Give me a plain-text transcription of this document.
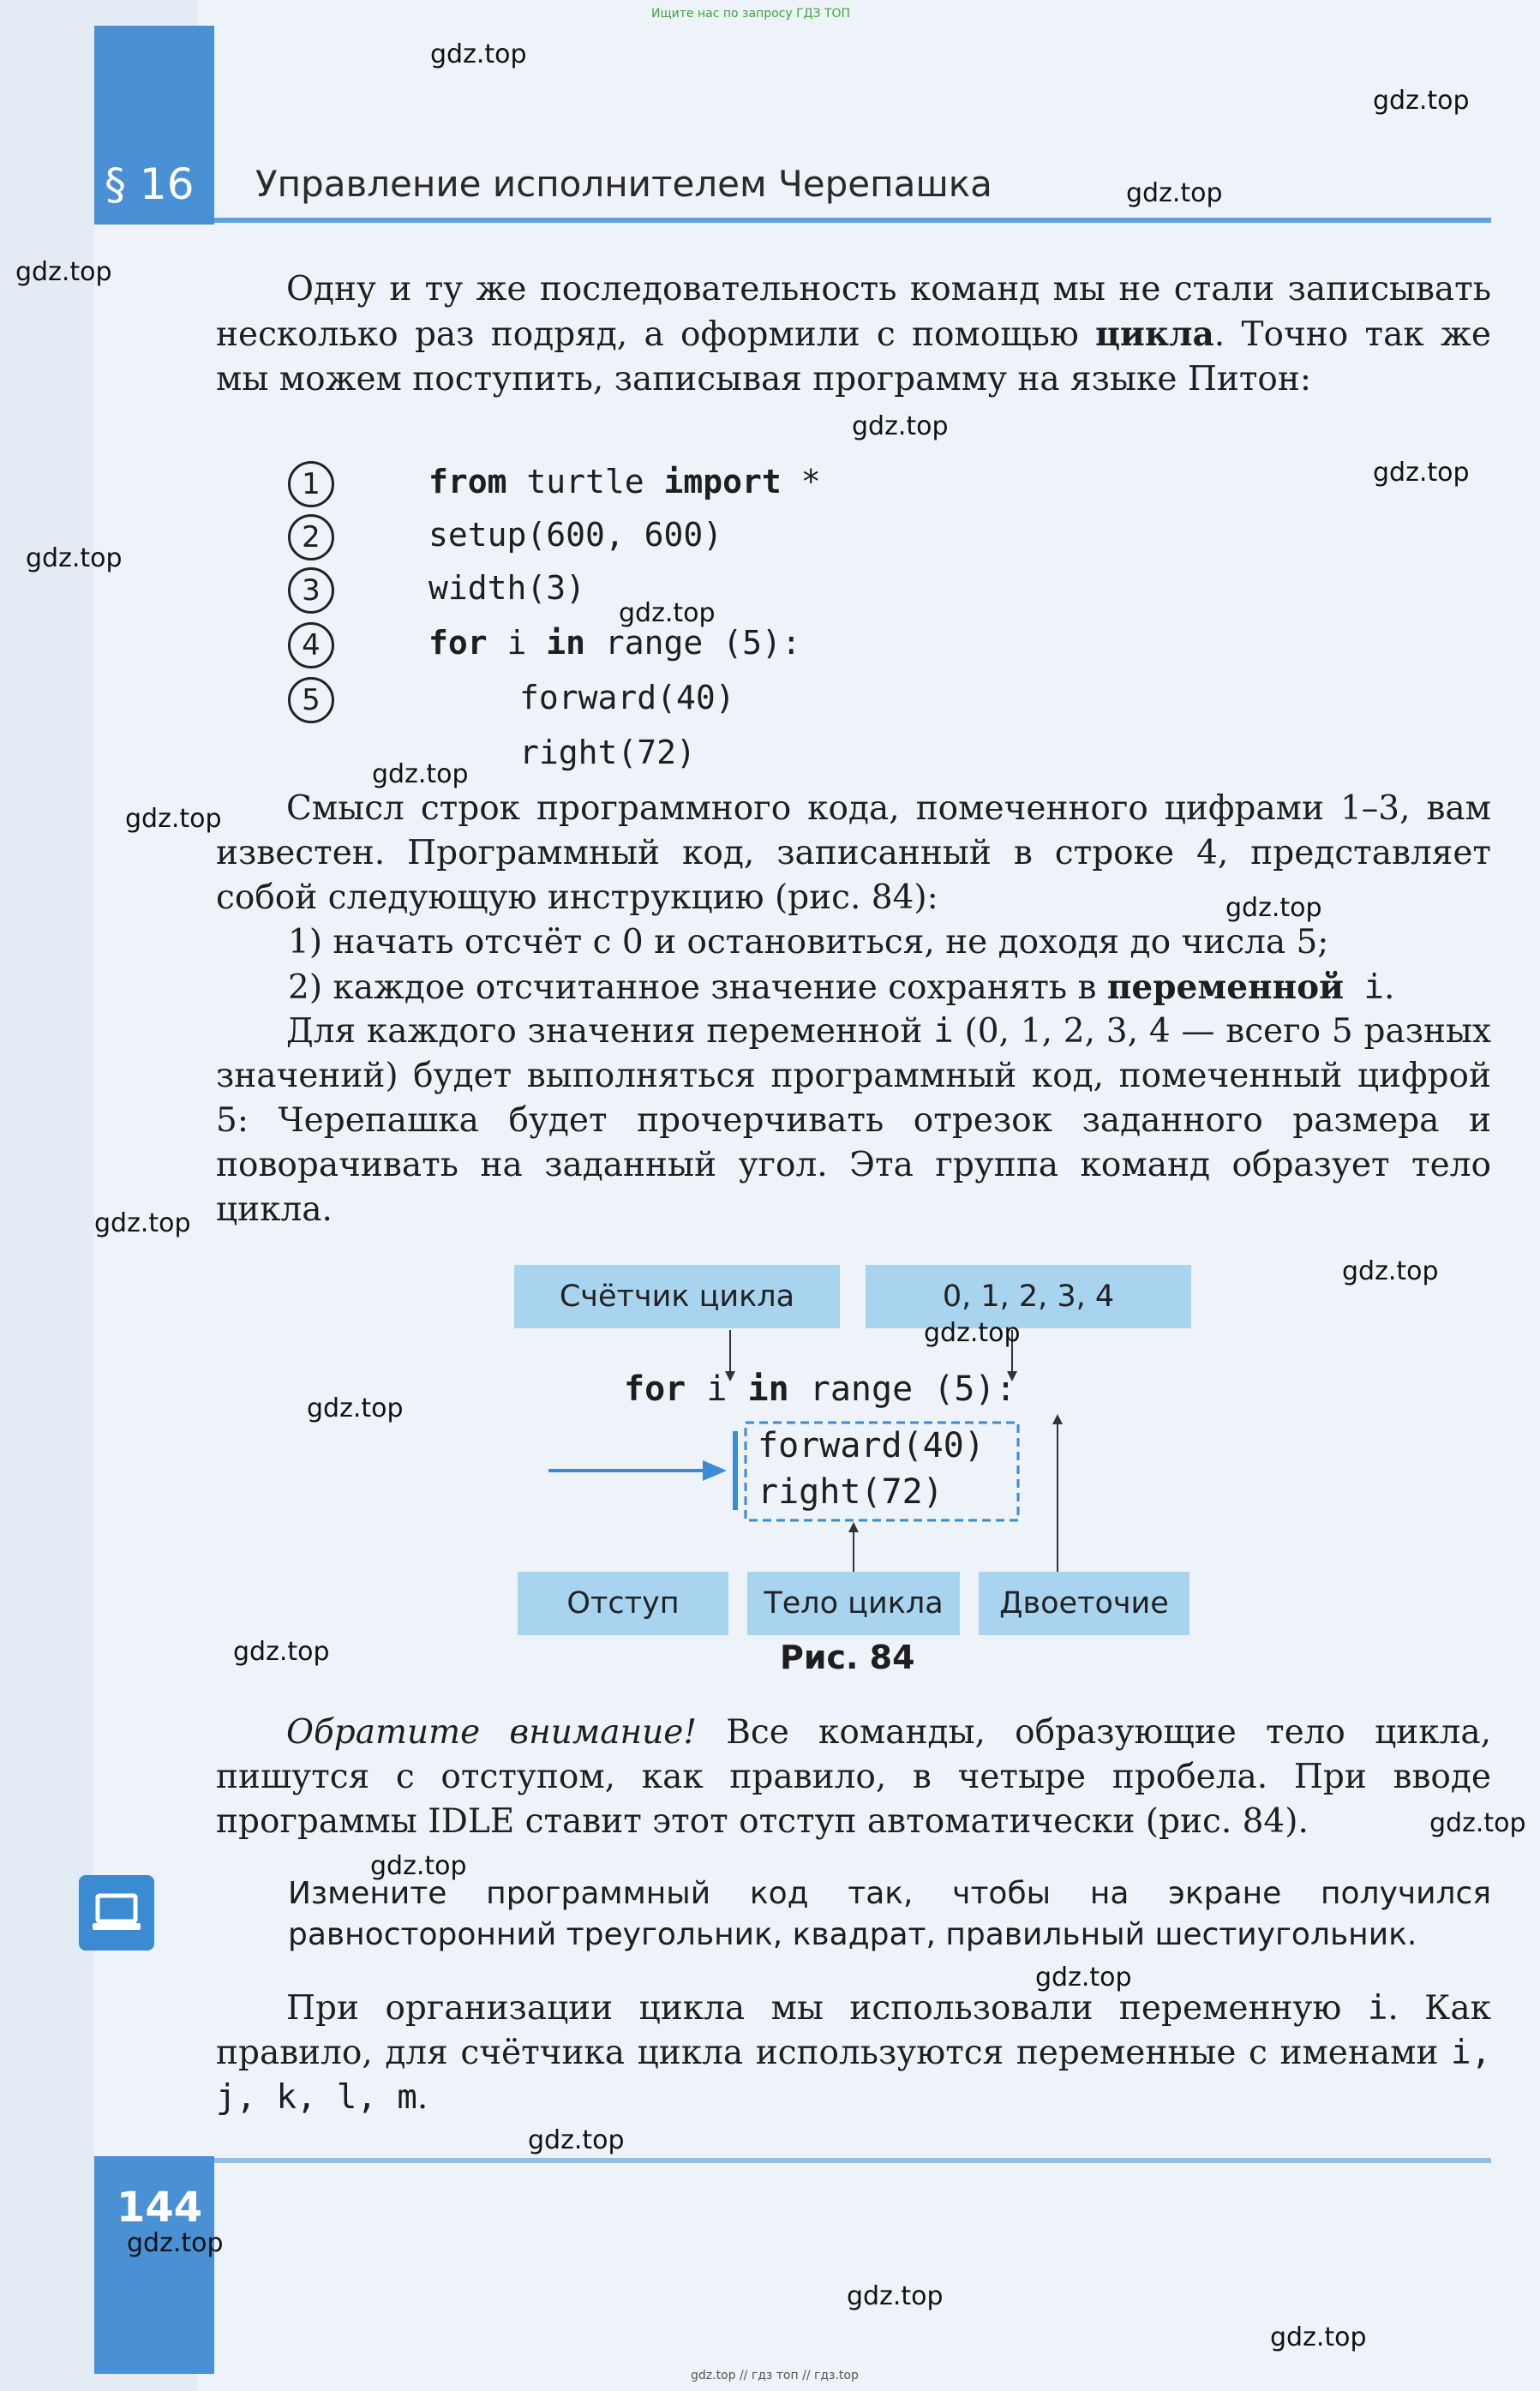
Ищите нас по запросу ГДЗ ТОП
§ 16 Управление исполнителем Черепашка

Одну и ту же последовательность команд мы не стали записывать несколько раз подряд, а оформили с помощью цикла. Точно так же мы можем поступить, записывая программу на языке Питон:

1	from turtle import *
2	setup(600, 600)
3	width(3)
4	for i in range (5):
5	forward(40)
right(72)

Смысл строк программного кода, помеченного цифрами 1–3, вам известен. Программный код, записанный в строке 4, представляет собой следующую инструкцию (рис. 84):

1) начать отсчёт с 0 и остановиться, не доходя до числа 5;
2) каждое отсчитанное значение сохранять в переменной i.

Для каждого значения переменной i (0, 1, 2, 3, 4 — всего 5 разных значений) будет выполняться программный код, помеченный цифрой 5: Черепашка будет прочерчивать отрезок заданного размера и поворачивать на заданный угол. Эта группа команд образует тело цикла.

Счётчик цикла	0, 1, 2, 3, 4
for i in range (5):
forward(40)
right(72)
Отступ	Тело цикла	Двоеточие
Рис. 84

Обратите внимание! Все команды, образующие тело цикла, пишутся с отступом, как правило, в четыре пробела. При вводе программы IDLE ставит этот отступ автоматически (рис. 84).

Измените программный код так, чтобы на экране получился равносторонний треугольник, квадрат, правильный шестиугольник.

При организации цикла мы использовали переменную i. Как правило, для счётчика цикла используются переменные с именами i, j, k, l, m.

144
gdz.top // гдз топ // гдз.top
gdz.top
gdz.top
gdz.top
gdz.top
gdz.top
gdz.top
gdz.top
gdz.top
gdz.top
gdz.top
gdz.top
gdz.top
gdz.top
gdz.top
gdz.top
gdz.top
gdz.top
gdz.top
gdz.top
gdz.top
gdz.top
gdz.top
gdz.top
